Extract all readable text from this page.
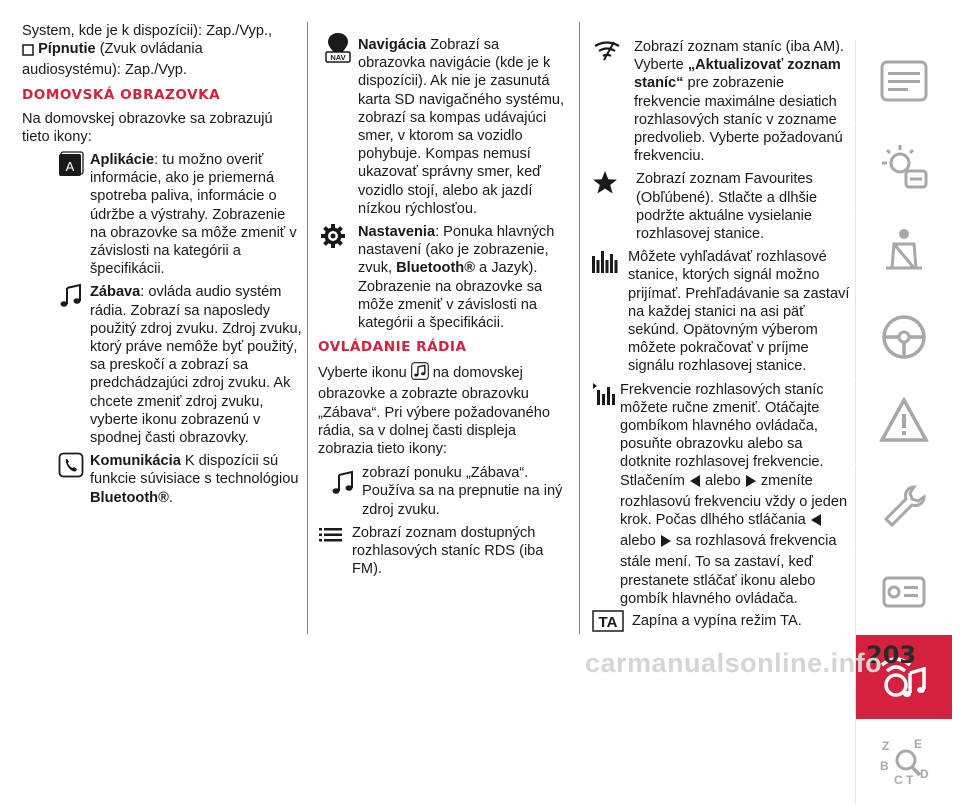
System, kde je k dispozícii): Zap./Vyp.,
Pípnutie (Zvuk ovládania audiosystému): Zap./Vyp.

DOMOVSKÁ OBRAZOVKA

Na domovskej obrazovke sa zobrazujú tieto ikony:

A Aplikácie: tu možno overiť informácie, ako je priemerná spotreba paliva, informácie o údržbe a výstrahy. Zobrazenie na obrazovke sa môže zmeniť v závislosti na kategórii a špecifikácii.
Zábava: ovláda audio systém rádia. Zobrazí sa naposledy použitý zdroj zvuku. Zdroj zvuku, ktorý práve nemôže byť použitý, sa preskočí a zobrazí sa predchádzajúci zdroj zvuku. Ak chcete zmeniť zdroj zvuku, vyberte ikonu zobrazenú v spodnej časti obrazovky.
Komunikácia K dispozícii sú funkcie súvisiace s technológiou Bluetooth®.
NAV
Navigácia Zobrazí sa obrazovka navigácie (kde je k dispozícii). Ak nie je zasunutá karta SD navigačného systému, zobrazí sa kompas udávajúci smer, v ktorom sa vozidlo pohybuje. Kompas nemusí ukazovať správny smer, keď vozidlo stojí, alebo ak jazdí nízkou rýchlosťou.
Nastavenia: Ponuka hlavných nastavení (ako je zobrazenie, zvuk, Bluetooth® a Jazyk). Zobrazenie na obrazovke sa môže zmeniť v závislosti na kategórii a špecifikácii.
OVLÁDANIE RÁDIA

Vyberte ikonu  na domovskej obrazovke a zobrazte obrazovku „Zábava“. Pri výbere požadovaného rádia, sa v dolnej časti displeja zobrazia tieto ikony:

zobrazí ponuku „Zábava“. Používa sa na prepnutie na iný zdroj zvuku.
Zobrazí zoznam dostupných rozhlasových staníc RDS (iba FM).
Zobrazí zoznam staníc (iba AM). Vyberte „Aktualizovať zoznam staníc“ pre zobrazenie frekvencie maximálne desiatich rozhlasových staníc v zozname predvolieb. Vyberte požadovanú frekvenciu.
Zobrazí zoznam Favourites (Obľúbené). Stlačte a dlhšie podržte aktuálne vysielanie rozhlasovej stanice.
Môžete vyhľadávať rozhlasové stanice, ktorých signál možno prijímať. Prehľadávanie sa zastaví na každej stanici na asi päť sekúnd. Opätovným výberom môžete pokračovať v príjme signálu rozhlasovej stanice.
Frekvencie rozhlasových staníc môžete ručne zmeniť. Otáčajte gombíkom hlavného ovládača, posuňte obrazovku alebo sa dotknite rozhlasovej frekvencie. Stlačením  alebo  zmeníte rozhlasovú frekvenciu vždy o jeden krok. Počas dlhého stláčania  alebo  sa rozhlasová frekvencia stále mení. To sa zastaví, keď prestanete stláčať ikonu alebo gombík hlavného ovládača.
TA Zapína a vypína režim TA.
Z E
B
C T D
203
carmanualsonline.info
